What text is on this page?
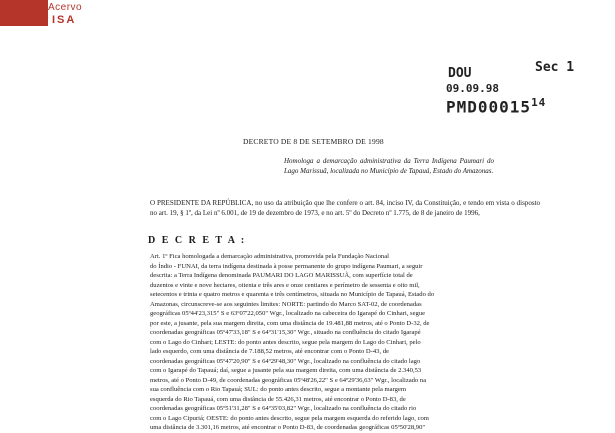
Acervo
ISA
DOU	Sec 1
09.09.98
PMD00015$^{14}$
DECRETO DE 8 DE SETEMBRO DE 1998
Homologa a demarcação administrativa da Terra Indígena Paumari do Lago Marissuã, localizada no Município de Tapauá, Estado do Amazonas.
O PRESIDENTE DA REPÚBLICA, no uso da atribuição que lhe confere o art. 84, inciso IV, da Constituição, e tendo em vista o disposto no art. 19, § 1º, da Lei nº 6.001, de 19 de dezembro de 1973, e no art. 5º do Decreto nº 1.775, de 8 de janeiro de 1996,
D E C R E T A :
Art. 1º Fica homologada a demarcação administrativa, promovida pela Fundação Nacional
do Índio - FUNAI, da terra indígena destinada à posse permanente do grupo indígena Paumari, a seguir
descrita: a Terra Indígena denominada PAUMARI DO LAGO MARISSUÃ, com superfície total de
duzentos e vinte e nove hectares, oitenta e três ares e onze centiares e perímetro de sessenta e oito mil,
setecentos e trinta e quatro metros e quarenta e três centímetros, situada no Município de Tapauá, Estado do
Amazonas, circunscreve-se aos seguintes limites: NORTE: partindo do Marco SAT-02, de coordenadas
geográficas 05º44'23,315" S e 63º07'22,050" Wgr., localizado na cabeceira do Igarapé do Cinhari, segue
por este, a jusante, pela sua margem direita, com uma distância de 19.481,88 metros, até o Ponto D-32, de
coordenadas geográficas 05º47'33,18" S e 64º31'15,30" Wgr., situado na confluência do citado Igarapé
com o Lago do Cinhari; LESTE: do ponto antes descrito, segue pela margem do Lago do Cinhari, pelo
lado esquerdo, com uma distância de 7.188,52 metros, até encontrar com o Ponto D-43, de
coordenadas geográficas 05º47'20,90" S e 64º29'48,30" Wgr., localizado na confluência do citado lago
com o Igarapé do Tapauá; daí, segue a jusante pela sua margem direita, com uma distância de 2.340,53
metros, até o Ponto D-49, de coordenadas geográficas 05º48'26,22" S e 64º29'36,63" Wgr., localizado na
sua confluência com o Rio Tapauá; SUL: do ponto antes descrito, segue a montante pela margem
esquerda do Rio Tapauá, com uma distância de 55.426,31 metros, até encontrar o Ponto D-83, de
coordenadas geográficas 05º51'31,28" S e 64º35'03,82" Wgr., localizado na confluência do citado rio
com o Lago Cipuriá; OESTE: do ponto antes descrito, segue pela margem esquerda do referido lago, com
uma distância de 3.301,16 metros, até encontrar o Ponto D-83, de coordenadas geográficas 05º50'28,90"
